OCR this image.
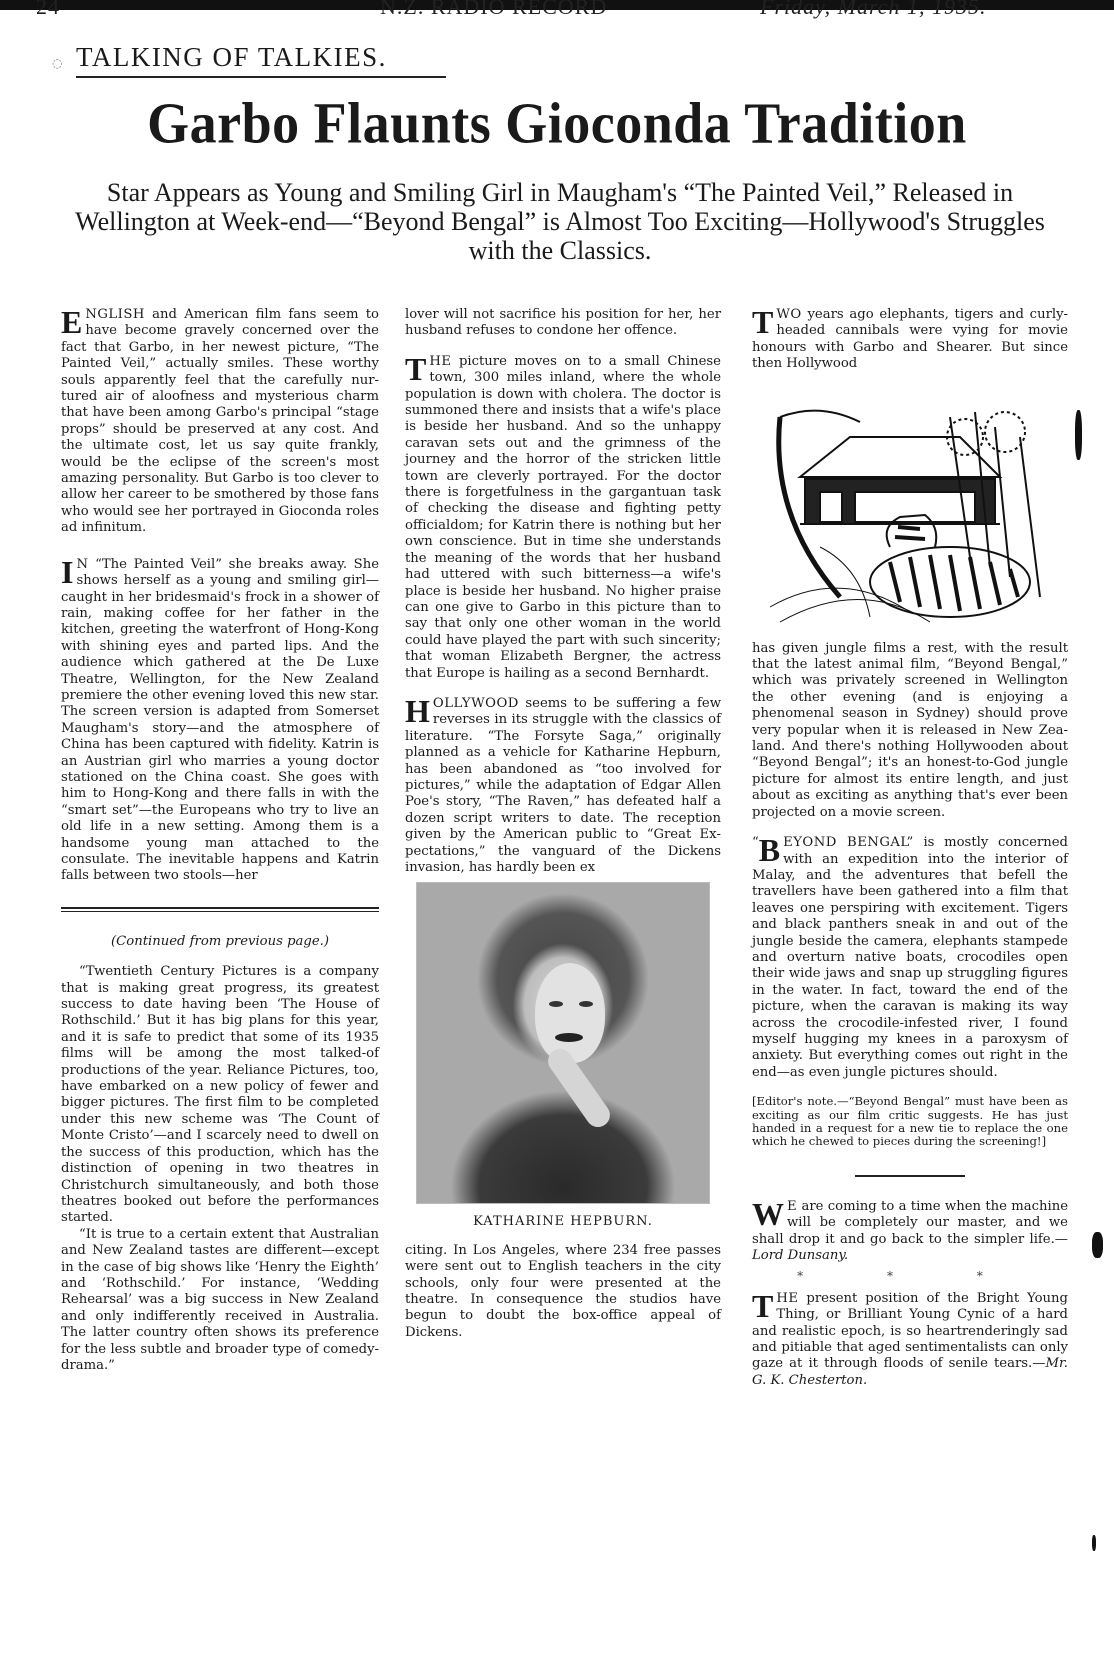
24	N.Z. RADIO RECORD	Friday, March 1, 1935.
◌ TALKING OF TALKIES.
Garbo Flaunts Gioconda Tradition
Star Appears as Young and Smiling Girl in Maugham's “The Painted Veil,” Released in Wellington at Week-end—“Beyond Bengal” is Almost Too Exciting—Hollywood's Struggles with the Classics.

ENGLISH and American film fans seem to have become gravely concerned over the fact that Garbo, in her newest picture, “The Painted Veil,” actually smiles. These worthy souls apparently feel that the carefully nurtured air of aloofness and mysterious charm that have been among Garbo's principal “stage props” should be preserved at any cost. And the ultimate cost, let us say quite frankly, would be the eclipse of the screen's most amazing personality. But Garbo is too clever to allow her career to be smothered by those fans who would see her portrayed in Gioconda roles ad infinitum.

I N “The Painted Veil” she breaks away. She shows herself as a young and smiling girl—caught in her bridesmaid's frock in a shower of rain, making coffee for her father in the kitchen, greeting the waterfront of Hong-Kong with shining eyes and parted lips. And the audience which gathered at the De Luxe Theatre, Wellington, for the New Zealand premiere the other evening loved this new star. The screen version is adapted from Somerset Maugham's story—and the atmosphere of China has been captured with fidelity. Katrin is an Austrian girl who marries a young doctor stationed on the China coast. She goes with him to Hong-Kong and there falls in with the “smart set”—the Europeans who try to live an old life in a new setting. Among them is a handsome young man attached to the consulate. The inevitable happens and Katrin falls between two stools—her

(Continued from previous page.)

“Twentieth Century Pictures is a company that is making great progress, its greatest success to date having been ‘The House of Rothschild.’ But it has big plans for this year, and it is safe to predict that some of its 1935 films will be among the most talked-of productions of the year. Reliance Pictures, too, have embarked on a new policy of fewer and bigger pictures. The first film to be completed under this new scheme was ‘The Count of Monte Cristo’—and I scarcely need to dwell on the success of this production, which has the distinction of opening in two theatres in Christchurch simultaneously, and both those theatres booked out before the performances started.

“It is true to a certain extent that Australian and New Zealand tastes are different—except in the case of big shows like ‘Henry the Eighth’ and ‘Rothschild.’ For instance, ‘Wedding Rehearsal’ was a big success in New Zealand and only indifferently received in Australia. The latter country often shows its preference for the less subtle and broader type of comedy-drama.”

lover will not sacrifice his position for her, her husband refuses to condone her offence.

THE picture moves on to a small Chinese town, 300 miles inland, where the whole population is down with cholera. The doctor is summoned there and insists that a wife's place is beside her husband. And so the unhappy caravan sets out and the grimness of the journey and the horror of the stricken little town are cleverly portrayed. For the doctor there is forgetfulness in the gargantuan task of checking the disease and fighting petty officialdom; for Katrin there is nothing but her own conscience. But in time she understands the meaning of the words that her husband had uttered with such bitterness—a wife's place is beside her husband. No higher praise can one give to Garbo in this picture than to say that only one other woman in the world could have played the part with such sincerity; that woman Elizabeth Bergner, the actress that Europe is hailing as a second Bernhardt.

HOLLYWOOD seems to be suffering a few reverses in its struggle with the classics of literature. “The Forsyte Saga,” originally planned as a vehicle for Katharine Hepburn, has been abandoned as “too involved for pictures,” while the adaptation of Edgar Allen Poe's story, “The Raven,” has defeated half a dozen script writers to date. The reception given by the American public to “Great Expectations,” the vanguard of the Dickens invasion, has hardly been ex

KATHARINE HEPBURN.

citing. In Los Angeles, where 234 free passes were sent out to English teachers in the city schools, only four were presented at the theatre. In consequence the studios have begun to doubt the box-office appeal of Dickens.

TWO years ago elephants, tigers and curly-headed cannibals were vying for movie honours with Garbo and Shearer. But since then Hollywood

has given jungle films a rest, with the result that the latest animal film, “Beyond Bengal,” which was privately screened in Wellington the other evening (and is enjoying a phenomenal season in Sydney) should prove very popular when it is released in New Zealand. And there's nothing Hollywooden about “Beyond Bengal”; it's an honest-to-God jungle picture for almost its entire length, and just about as exciting as anything that's ever been projected on a movie screen.

“ B EYOND BENGAL” is mostly concerned with an expedition into the interior of Malay, and the adventures that befell the travellers have been gathered into a film that leaves one perspiring with excitement. Tigers and black panthers sneak in and out of the jungle beside the camera, elephants stampede and overturn native boats, crocodiles open their wide jaws and snap up struggling figures in the water. In fact, toward the end of the picture, when the caravan is making its way across the crocodile-infested river, I found myself hugging my knees in a paroxysm of anxiety. But everything comes out right in the end—as even jungle pictures should.

[Editor's note.—“Beyond Bengal” must have been as exciting as our film critic suggests. He has just handed in a request for a new tie to replace the one which he chewed to pieces during the screening!]

W E are coming to a time when the machine will be completely our master, and we shall drop it and go back to the simpler life.—Lord Dunsany.

* * *

THE present position of the Bright Young Thing, or Brilliant Young Cynic of a hard and realistic epoch, is so heartrenderingly sad and pitiable that aged sentimentalists can only gaze at it through floods of senile tears.—Mr. G. K. Chesterton.
